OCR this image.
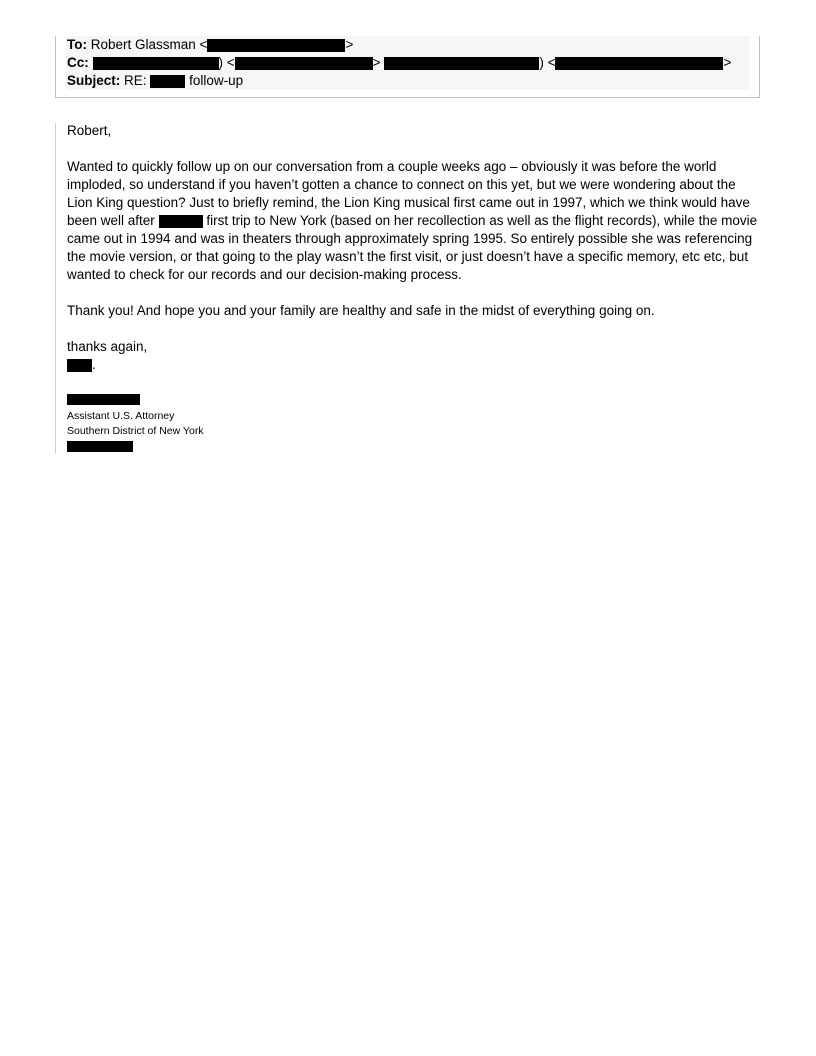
To: Robert Glassman <	>
Cc:	) <	>	) <	>
Subject: RE:	follow-up

Robert,

Wanted to quickly follow up on our conversation from a couple weeks ago – obviously it was before the world
imploded, so understand if you haven’t gotten a chance to connect on this yet, but we were wondering about the
Lion King question? Just to briefly remind, the Lion King musical first came out in 1997, which we think would have
been well after	first trip to New York (based on her recollection as well as the flight records), while the movie
came out in 1994 and was in theaters through approximately spring 1995. So entirely possible she was referencing
the movie version, or that going to the play wasn’t the first visit, or just doesn’t have a specific memory, etc etc, but
wanted to check for our records and our decision-making process.

Thank you! And hope you and your family are healthy and safe in the midst of everything going on.

thanks again,
.

Assistant U.S. Attorney
Southern District of New York
